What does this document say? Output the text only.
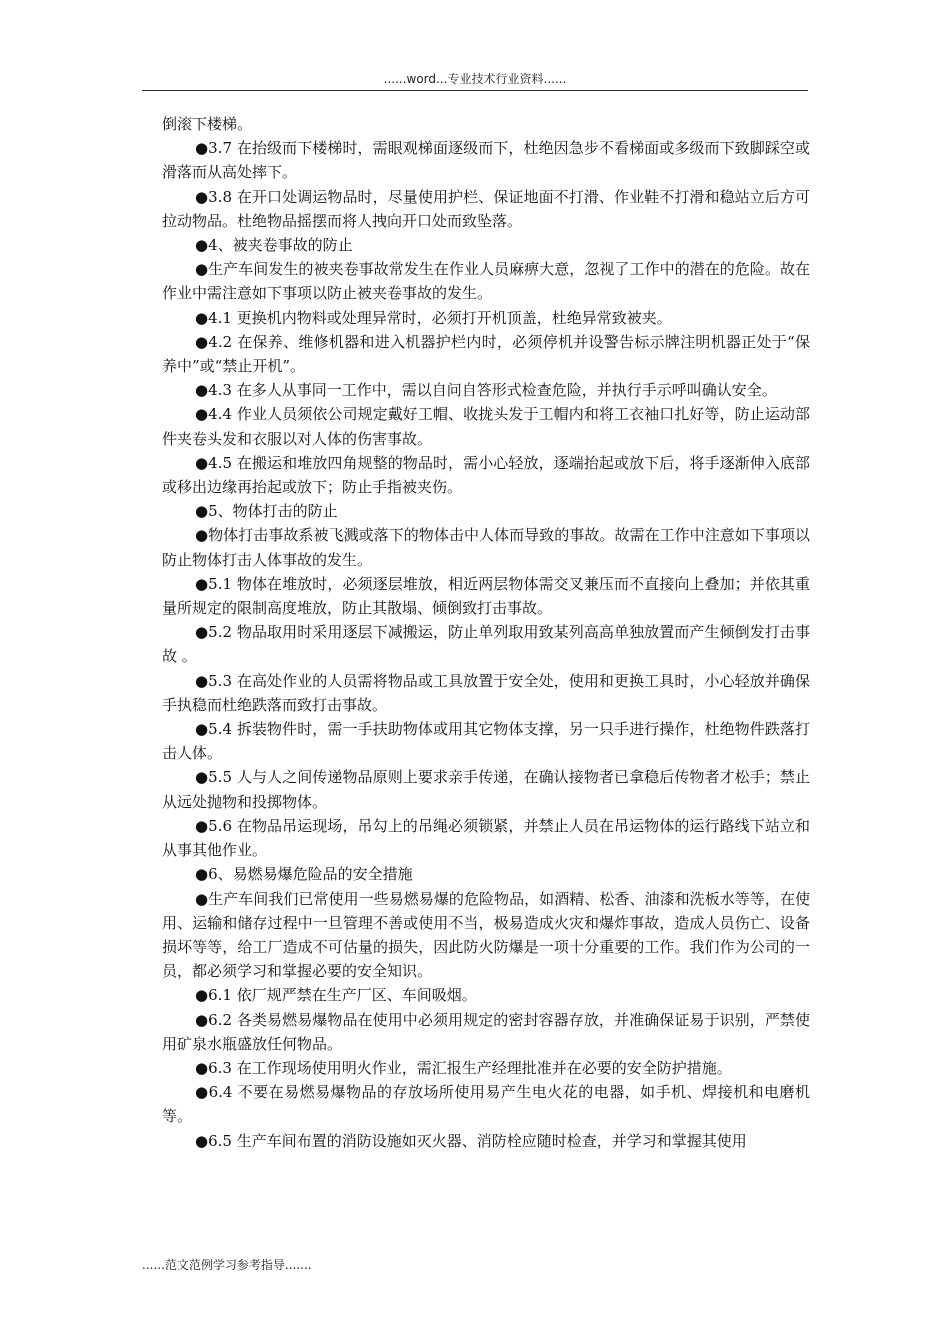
......word...专业技术行业资料......

倒滚下楼梯。

●3.7 在抬级而下楼梯时，需眼观梯面逐级而下，杜绝因急步不看梯面或多级而下致脚踩空或滑落而从高处摔下。

●3.8 在开口处调运物品时，尽量使用护栏、保证地面不打滑、作业鞋不打滑和稳站立后方可拉动物品。杜绝物品摇摆而将人拽向开口处而致坠落。

●4、被夹卷事故的防止

●生产车间发生的被夹卷事故常发生在作业人员麻痹大意，忽视了工作中的潜在的危险。故在作业中需注意如下事项以防止被夹卷事故的发生。

●4.1 更换机内物料或处理异常时，必须打开机顶盖，杜绝异常致被夹。

●4.2 在保养、维修机器和进入机器护栏内时，必须停机并设警告标示牌注明机器正处于“保养中”或“禁止开机”。

●4.3 在多人从事同一工作中，需以自问自答形式检查危险，并执行手示呼叫确认安全。

●4.4 作业人员须依公司规定戴好工帽、收拢头发于工帽内和将工衣袖口扎好等，防止运动部件夹卷头发和衣服以对人体的伤害事故。

●4.5 在搬运和堆放四角规整的物品时，需小心轻放，逐端抬起或放下后，将手逐渐伸入底部或移出边缘再抬起或放下；防止手指被夹伤。

●5、物体打击的防止

●物体打击事故系被飞溅或落下的物体击中人体而导致的事故。故需在工作中注意如下事项以防止物体打击人体事故的发生。

●5.1 物体在堆放时，必须逐层堆放，相近两层物体需交叉兼压而不直接向上叠加；并依其重量所规定的限制高度堆放，防止其散塌、倾倒致打击事故。

●5.2 物品取用时采用逐层下减搬运，防止单列取用致某列高高单独放置而产生倾倒发打击事故 。

●5.3 在高处作业的人员需将物品或工具放置于安全处，使用和更换工具时，小心轻放并确保手执稳而杜绝跌落而致打击事故。

●5.4 拆装物件时，需一手扶助物体或用其它物体支撑，另一只手进行操作，杜绝物件跌落打击人体。

●5.5 人与人之间传递物品原则上要求亲手传递，在确认接物者已拿稳后传物者才松手；禁止从远处抛物和投掷物体。

●5.6 在物品吊运现场，吊勾上的吊绳必须锁紧，并禁止人员在吊运物体的运行路线下站立和从事其他作业。

●6、易燃易爆危险品的安全措施

●生产车间我们已常使用一些易燃易爆的危险物品，如酒精、松香、油漆和洗板水等等，在使用、运输和储存过程中一旦管理不善或使用不当，极易造成火灾和爆炸事故，造成人员伤亡、设备损坏等等，给工厂造成不可估量的损失，因此防火防爆是一项十分重要的工作。我们作为公司的一员，都必须学习和掌握必要的安全知识。

●6.1 依厂规严禁在生产厂区、车间吸烟。

●6.2 各类易燃易爆物品在使用中必须用规定的密封容器存放，并准确保证易于识别，严禁使用矿泉水瓶盛放任何物品。

●6.3 在工作现场使用明火作业，需汇报生产经理批准并在必要的安全防护措施。

●6.4 不要在易燃易爆物品的存放场所使用易产生电火花的电器，如手机、焊接机和电磨机等。

●6.5 生产车间布置的消防设施如灭火器、消防栓应随时检查，并学习和掌握其使用

......范文范例学习参考指导.......
